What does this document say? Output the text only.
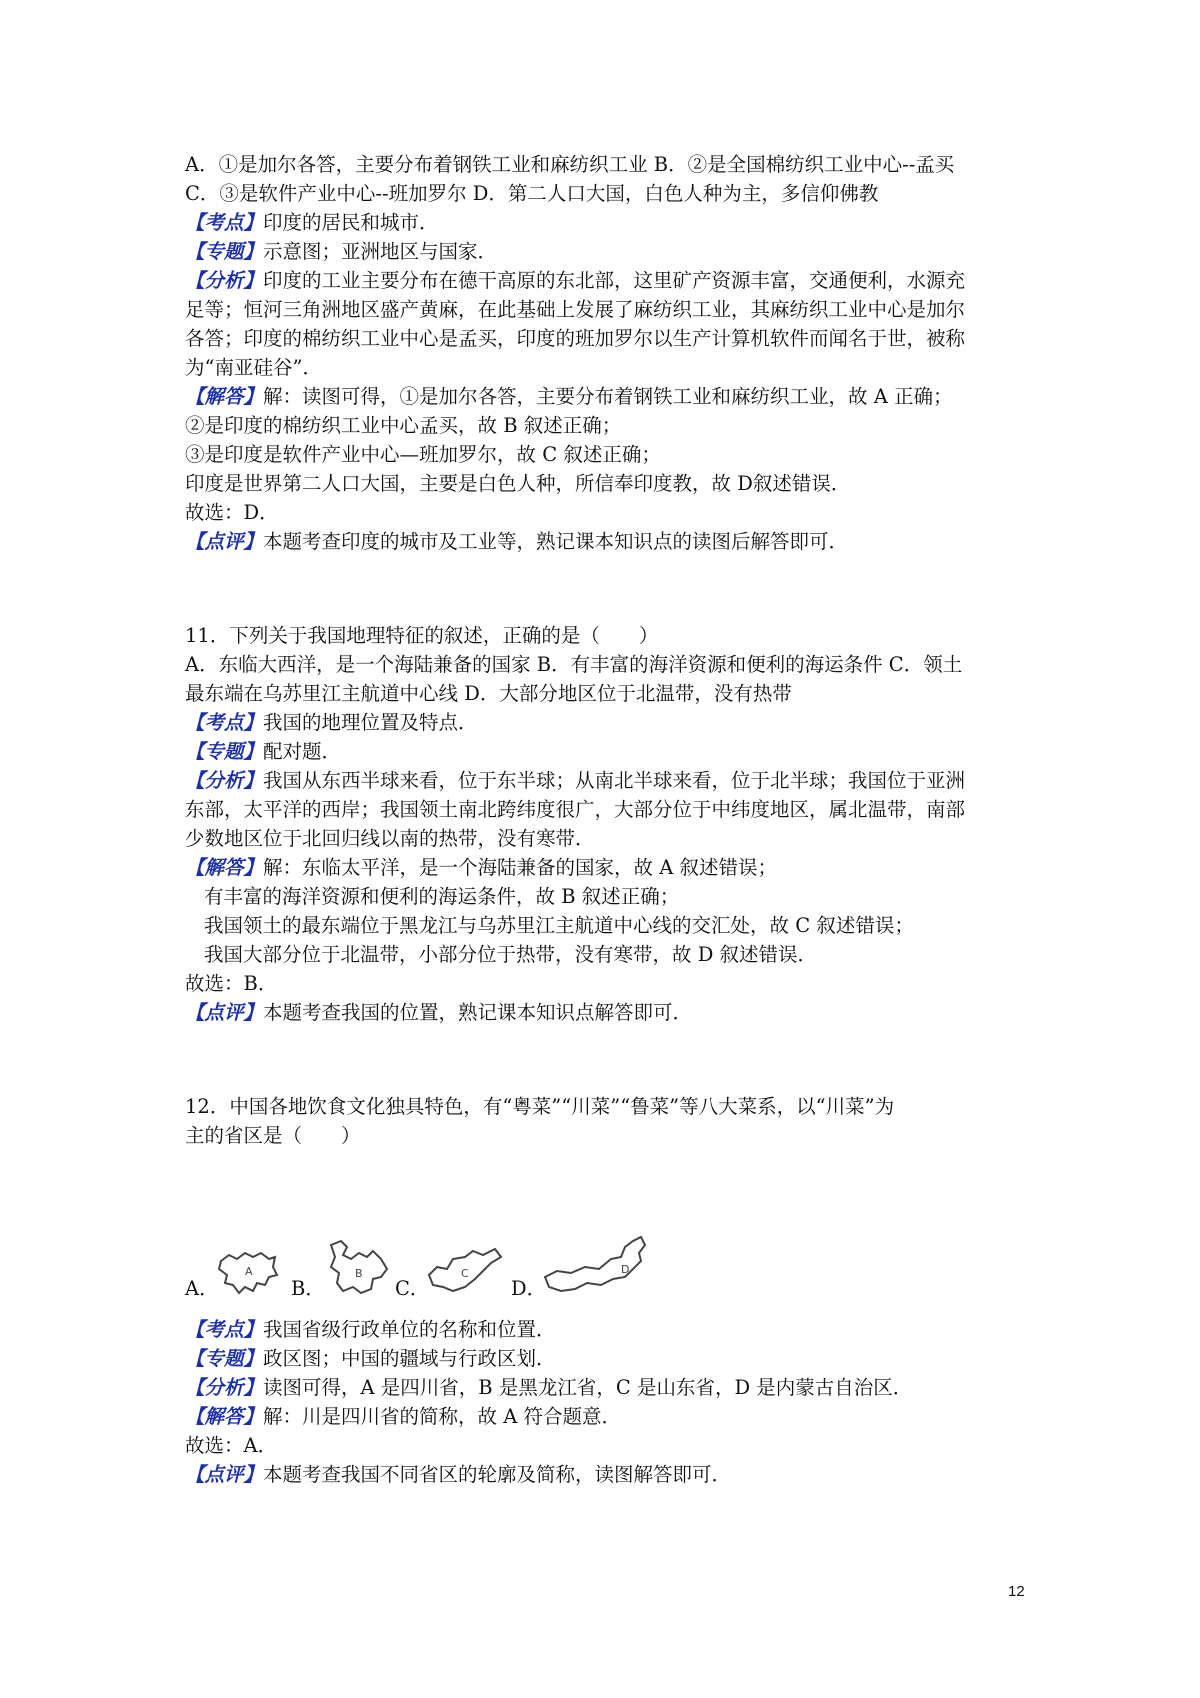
A．①是加尔各答，主要分布着钢铁工业和麻纺织工业 B．②是全国棉纺织工业中心--孟买
C．③是软件产业中心--班加罗尔 D．第二人口大国，白色人种为主，多信仰佛教
【考点】印度的居民和城市．
【专题】示意图；亚洲地区与国家．
【分析】印度的工业主要分布在德干高原的东北部，这里矿产资源丰富，交通便利，水源充
足等；恒河三角洲地区盛产黄麻，在此基础上发展了麻纺织工业，其麻纺织工业中心是加尔
各答；印度的棉纺织工业中心是孟买，印度的班加罗尔以生产计算机软件而闻名于世，被称
为“南亚硅谷”．
【解答】解：读图可得，①是加尔各答，主要分布着钢铁工业和麻纺织工业，故 A 正确；
②是印度的棉纺织工业中心孟买，故 B 叙述正确；
③是印度是软件产业中心—班加罗尔，故 C 叙述正确；
印度是世界第二人口大国，主要是白色人种，所信奉印度教，故 D叙述错误．
故选：D．
【点评】本题考查印度的城市及工业等，熟记课本知识点的读图后解答即可．
11．下列关于我国地理特征的叙述，正确的是（　　）
A．东临大西洋，是一个海陆兼备的国家 B．有丰富的海洋资源和便利的海运条件 C．领土
最东端在乌苏里江主航道中心线 D．大部分地区位于北温带，没有热带
【考点】我国的地理位置及特点．
【专题】配对题．
【分析】我国从东西半球来看，位于东半球；从南北半球来看，位于北半球；我国位于亚洲
东部，太平洋的西岸；我国领土南北跨纬度很广，大部分位于中纬度地区，属北温带，南部
少数地区位于北回归线以南的热带，没有寒带．
【解答】解：东临太平洋，是一个海陆兼备的国家，故 A 叙述错误；
有丰富的海洋资源和便利的海运条件，故 B 叙述正确；
我国领土的最东端位于黑龙江与乌苏里江主航道中心线的交汇处，故 C 叙述错误；
我国大部分位于北温带，小部分位于热带，没有寒带，故 D 叙述错误．
故选：B．
【点评】本题考查我国的位置，熟记课本知识点解答即可．
12．中国各地饮食文化独具特色，有“粤菜”“川菜”“鲁菜”等八大菜系，以“川菜”为
主的省区是（　　）
A．
A
B．
B
C．
C
D．
D
【考点】我国省级行政单位的名称和位置．
【专题】政区图；中国的疆域与行政区划．
【分析】读图可得，A 是四川省，B 是黑龙江省，C 是山东省，D 是内蒙古自治区．
【解答】解：川是四川省的简称，故 A 符合题意．
故选：A．
【点评】本题考查我国不同省区的轮廓及简称，读图解答即可．
12
